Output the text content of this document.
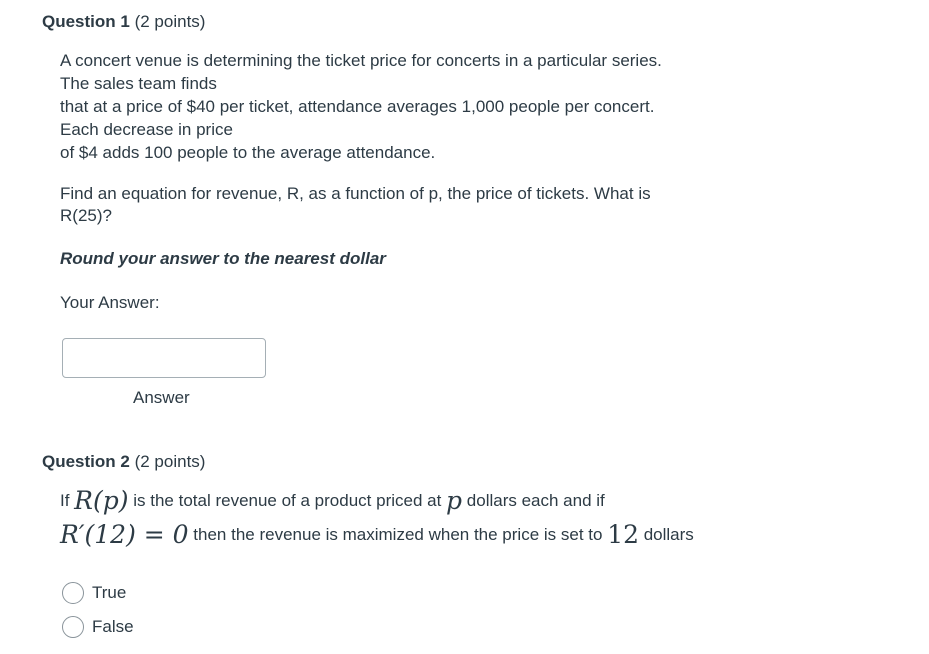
Question 1 (2 points)
A concert venue is determining the ticket price for concerts in a particular series.
The sales team finds
that at a price of $40 per ticket, attendance averages 1,000 people per concert.
Each decrease in price
of $4 adds 100 people to the average attendance.
Find an equation for revenue, R, as a function of p, the price of tickets. What is
R(25)?
Round your answer to the nearest dollar
Your Answer:
Answer
Question 2 (2 points)
If R(p) is the total revenue of a product priced at p dollars each and if
R′(12) = 0 then the revenue is maximized when the price is set to 12 dollars
True
False
